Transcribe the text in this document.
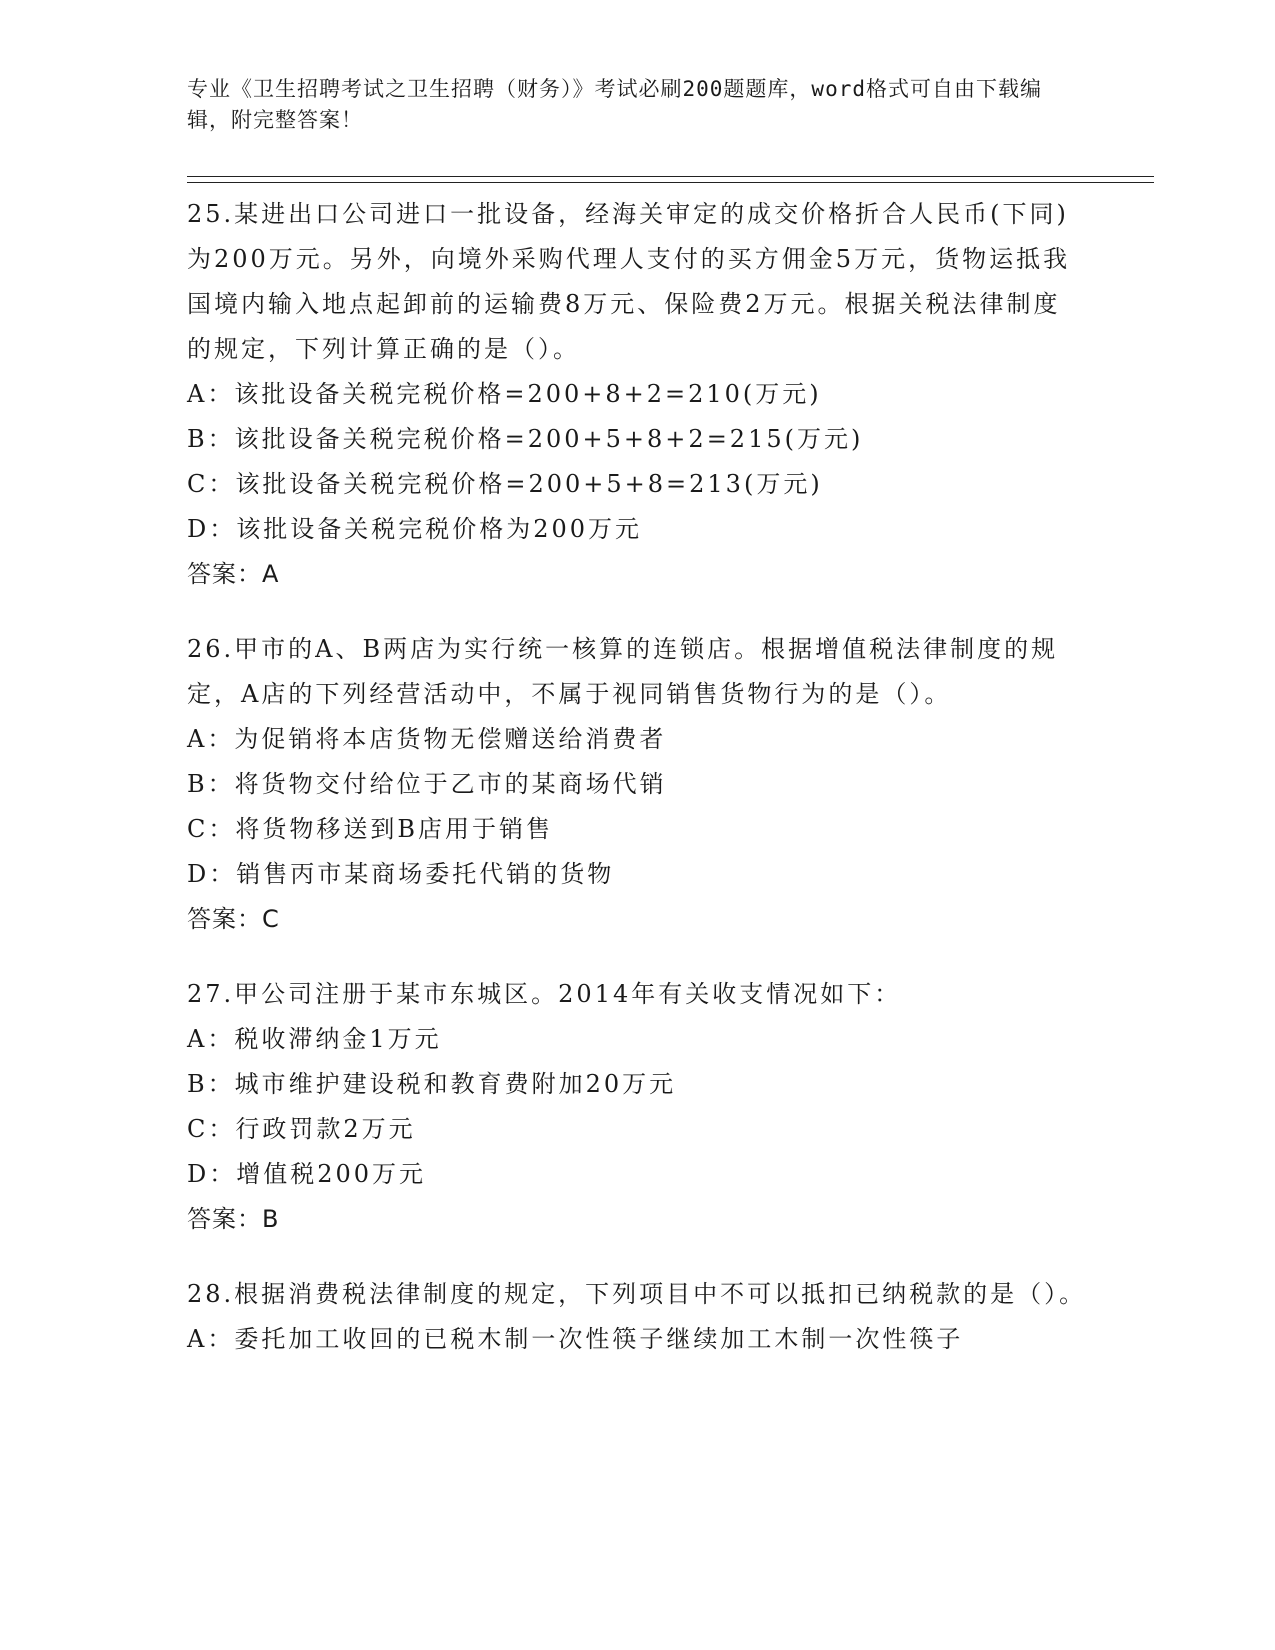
专业《卫生招聘考试之卫生招聘（财务）》考试必刷200题题库，word格式可自由下载编辑，附完整答案！

25.某进出口公司进口一批设备，经海关审定的成交价格折合人民币(下同)为200万元。另外，向境外采购代理人支付的买方佣金5万元，货物运抵我国境内输入地点起卸前的运输费8万元、保险费2万元。根据关税法律制度的规定，下列计算正确的是（）。

A：该批设备关税完税价格=200+8+2=210(万元)

B：该批设备关税完税价格=200+5+8+2=215(万元)

C：该批设备关税完税价格=200+5+8=213(万元)

D：该批设备关税完税价格为200万元

答案：A

26.甲市的A、B两店为实行统一核算的连锁店。根据增值税法律制度的规定，A店的下列经营活动中，不属于视同销售货物行为的是（）。

A：为促销将本店货物无偿赠送给消费者

B：将货物交付给位于乙市的某商场代销

C：将货物移送到B店用于销售

D：销售丙市某商场委托代销的货物

答案：C

27.甲公司注册于某市东城区。2014年有关收支情况如下：

A：税收滞纳金1万元

B：城市维护建设税和教育费附加20万元

C：行政罚款2万元

D：增值税200万元

答案：B

28.根据消费税法律制度的规定，下列项目中不可以抵扣已纳税款的是（）。

A：委托加工收回的已税木制一次性筷子继续加工木制一次性筷子
